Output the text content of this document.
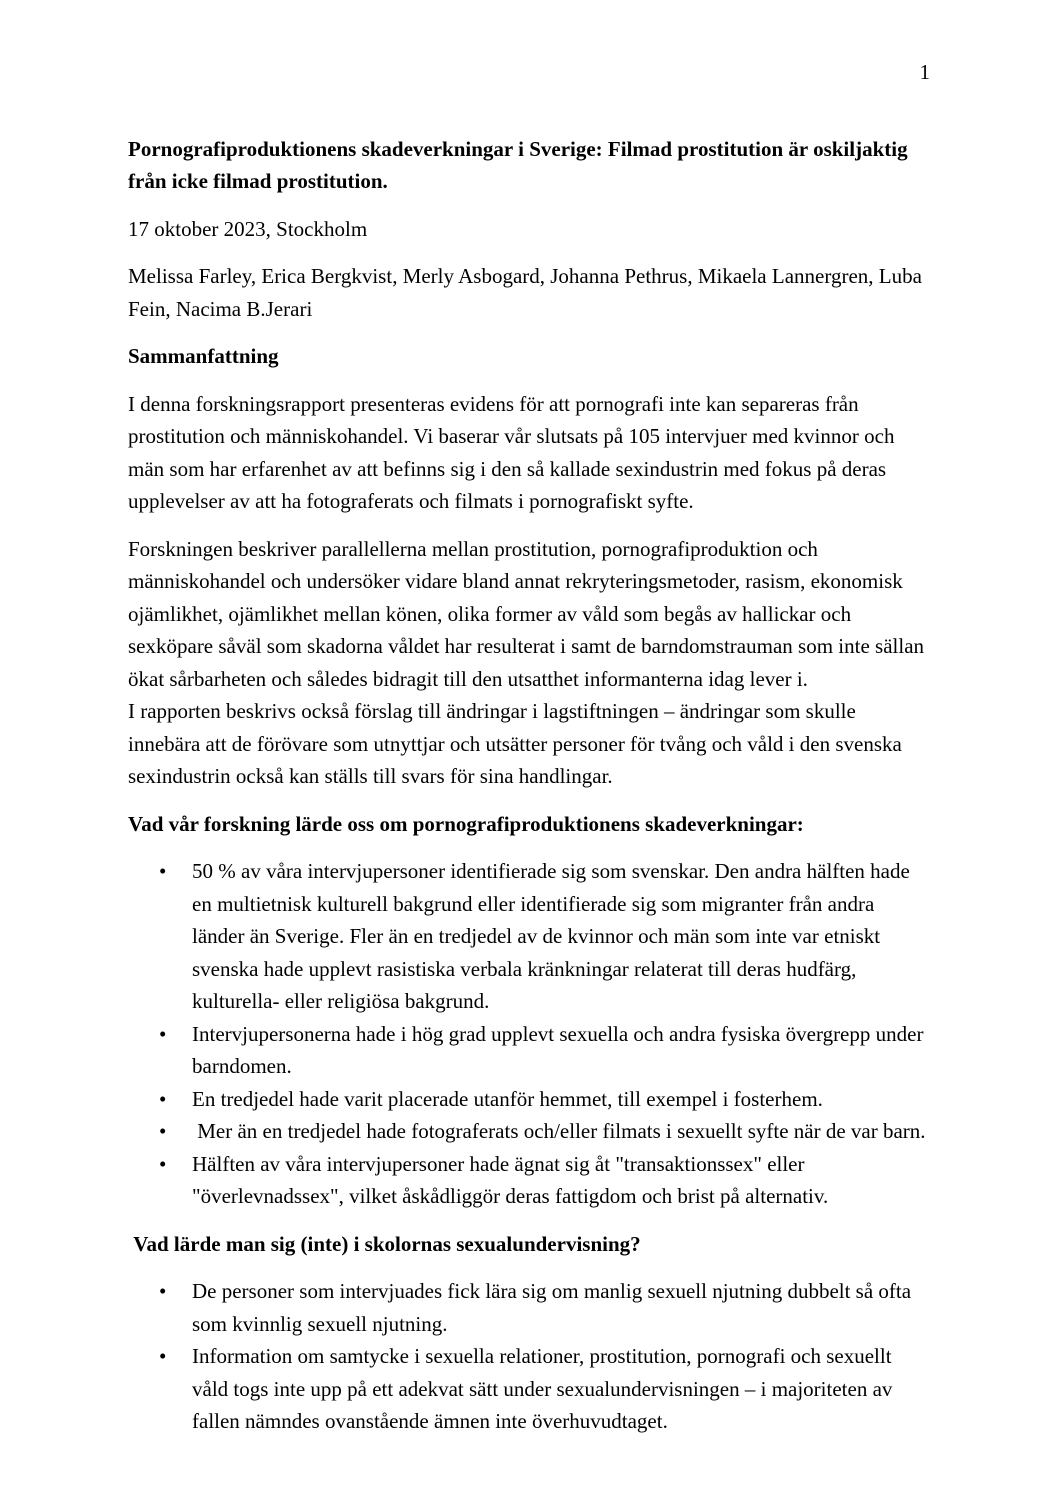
1
Pornografiproduktionens skadeverkningar i Sverige: Filmad prostitution är oskiljaktig från icke filmad prostitution.

17 oktober 2023, Stockholm

Melissa Farley, Erica Bergkvist, Merly Asbogard, Johanna Pethrus, Mikaela Lannergren, Luba Fein, Nacima B.Jerari

Sammanfattning

I denna forskningsrapport presenteras evidens för att pornografi inte kan separeras från prostitution och människohandel. Vi baserar vår slutsats på 105 intervjuer med kvinnor och män som har erfarenhet av att befinns sig i den så kallade sexindustrin med fokus på deras upplevelser av att ha fotograferats och filmats i pornografiskt syfte.

Forskningen beskriver parallellerna mellan prostitution, pornografiproduktion och människohandel och undersöker vidare bland annat rekryteringsmetoder, rasism, ekonomisk ojämlikhet, ojämlikhet mellan könen, olika former av våld som begås av hallickar och sexköpare såväl som skadorna våldet har resulterat i samt de barndomstrauman som inte sällan ökat sårbarheten och således bidragit till den utsatthet informanterna idag lever i.
I rapporten beskrivs också förslag till ändringar i lagstiftningen – ändringar som skulle innebära att de förövare som utnyttjar och utsätter personer för tvång och våld i den svenska sexindustrin också kan ställs till svars för sina handlingar.

Vad vår forskning lärde oss om pornografiproduktionens skadeverkningar:
• 50 % av våra intervjupersoner identifierade sig som svenskar. Den andra hälften hade en multietnisk kulturell bakgrund eller identifierade sig som migranter från andra länder än Sverige. Fler än en tredjedel av de kvinnor och män som inte var etniskt svenska hade upplevt rasistiska verbala kränkningar relaterat till deras hudfärg, kulturella- eller religiösa bakgrund.
• Intervjupersonerna hade i hög grad upplevt sexuella och andra fysiska övergrepp under barndomen.
• En tredjedel hade varit placerade utanför hemmet, till exempel i fosterhem.
• Mer än en tredjedel hade fotograferats och/eller filmats i sexuellt syfte när de var barn.
• Hälften av våra intervjupersoner hade ägnat sig åt "transaktionssex" eller "överlevnadssex", vilket åskådliggör deras fattigdom och brist på alternativ.
Vad lärde man sig (inte) i skolornas sexualundervisning?
• De personer som intervjuades fick lära sig om manlig sexuell njutning dubbelt så ofta som kvinnlig sexuell njutning.
• Information om samtycke i sexuella relationer, prostitution, pornografi och sexuellt våld togs inte upp på ett adekvat sätt under sexualundervisningen – i majoriteten av fallen nämndes ovanstående ämnen inte överhuvudtaget.
